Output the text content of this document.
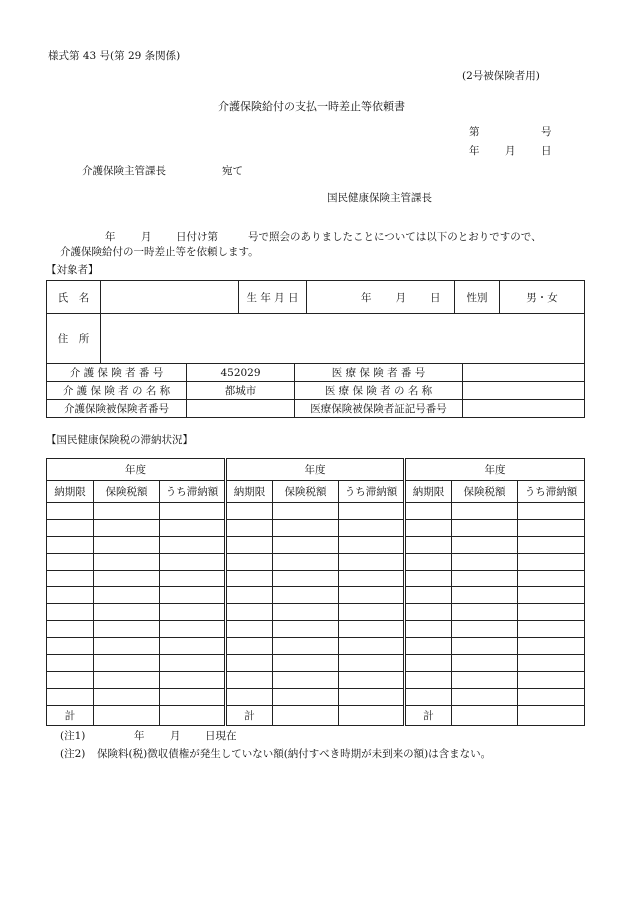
様式第 43 号(第 29 条関係)
(2号被保険者用)
介護保険給付の支払一時差止等依頼書
第	号
年 月 日
介護保険主管課長	宛て
国民健康保険主管課長
年 月 日付け第	号で照会のありましたことについては以下のとおりですので、
介護保険給付の一時差止等を依頼します。
【対象者】
氏　名		生 年 月 日	年 月 日	性別	男・女
住　所					
介 護 保 険 者 番 号	452029	医 療 保 険 者 番 号	
介 護 保 険 者 の 名 称	都城市	医 療 保 険 者 の 名 称	
介護保険被保険者番号		医療保険被保険者証記号番号	
【国民健康保険税の滞納状況】
年度			年度			年度		
納期限	保険税額	うち滞納額	納期限	保険税額	うち滞納額	納期限	保険税額	うち滞納額

計			計			計		
(注1)	年 月 日現在
(注2) 保険料(税)徴収債権が発生していない額(納付すべき時期が未到来の額)は含まない。
